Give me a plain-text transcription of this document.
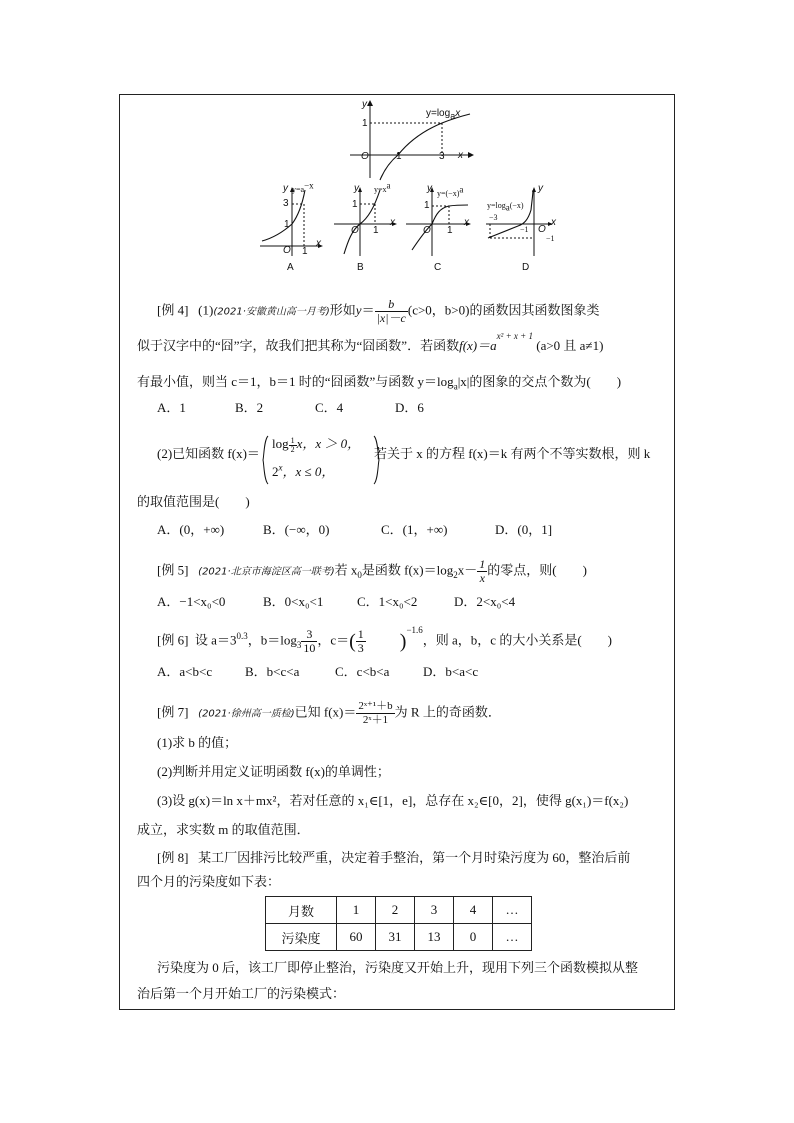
y
$y=\log_ax$
1
O	1	3 x
y $y=a^{-x}$
3
1
O 1
x
A
y $y=x^a$
1
O 1
x
B
y $y=(-x)^a$
1
O 1
x
C
y
$y=\log_a(-x)$
−3
−1 O
x
−1
D
[例 4] (1)(2021·安徽黄山高一月考)形如$y= \frac{b}{|x|-c} (c>0$，b>0)的函数因其函数图象类
似于汉字中的“囧”字，故我们把其称为“囧函数”．若函数$f(x)=a^{x^2 + x + 1}$ (a>0 且 a≠1)
有最小值，则当 c＝1，b＝1 时的“囧函数”与函数 $y=\log_a|x|$的图象的交点个数为(　　)
A．1	B．2	C．4	D．6
(2)已知函数 f(x)＝
$\log \frac{1}{2}$ x，x ＞ 0，
2$^x$，x ≤ 0，
若关于 x 的方程 f(x)＝k 有两个不等实数根，则 k
的取值范围是(　　)
A．(0，+∞)	B．(−∞，0)	C．(1，+∞)	D．(0，1]
[例 5] (2021·北京市海淀区高一联考)若 $x_0$是函数 $f(x)=\log_2x- \frac{1}{x}$ 的零点，则(　　)
A．−1<x₀<0	B．0<x₀<1	C．1<x₀<2	D．2<x₀<4
[例 6] 设 $a=3^{0.3}$，$b=\log_3 \frac{3}{10}$ ，$c=( \frac{1}{3} )^{-1.6}$，则 a，b，c 的大小关系是(　　)
A．a<b<c	B．b<c<a	C．c<b<a	D．b<a<c
[例 7] (2021·徐州高一质检)已知 $f(x)= \frac{\text{2ˣ⁺¹＋b}}{\text{2ˣ＋1}}$ 为 R 上的奇函数．
(1)求 b 的值；
(2)判断并用定义证明函数 f(x)的单调性；
(3)设 g(x)＝ln x＋mx²，若对任意的 x₁∈[1，e]，总存在 x₂∈[0，2]，使得 g(x₁)＝f(x₂)
成立，求实数 m 的取值范围．
[例 8] 某工厂因排污比较严重，决定着手整治，第一个月时染污度为 60，整治后前
四个月的污染度如下表：
月数	1	2	3	4	…
污染度	60	31	13	0	…
污染度为 0 后，该工厂即停止整治，污染度又开始上升，现用下列三个函数模拟从整
治后第一个月开始工厂的污染模式：
